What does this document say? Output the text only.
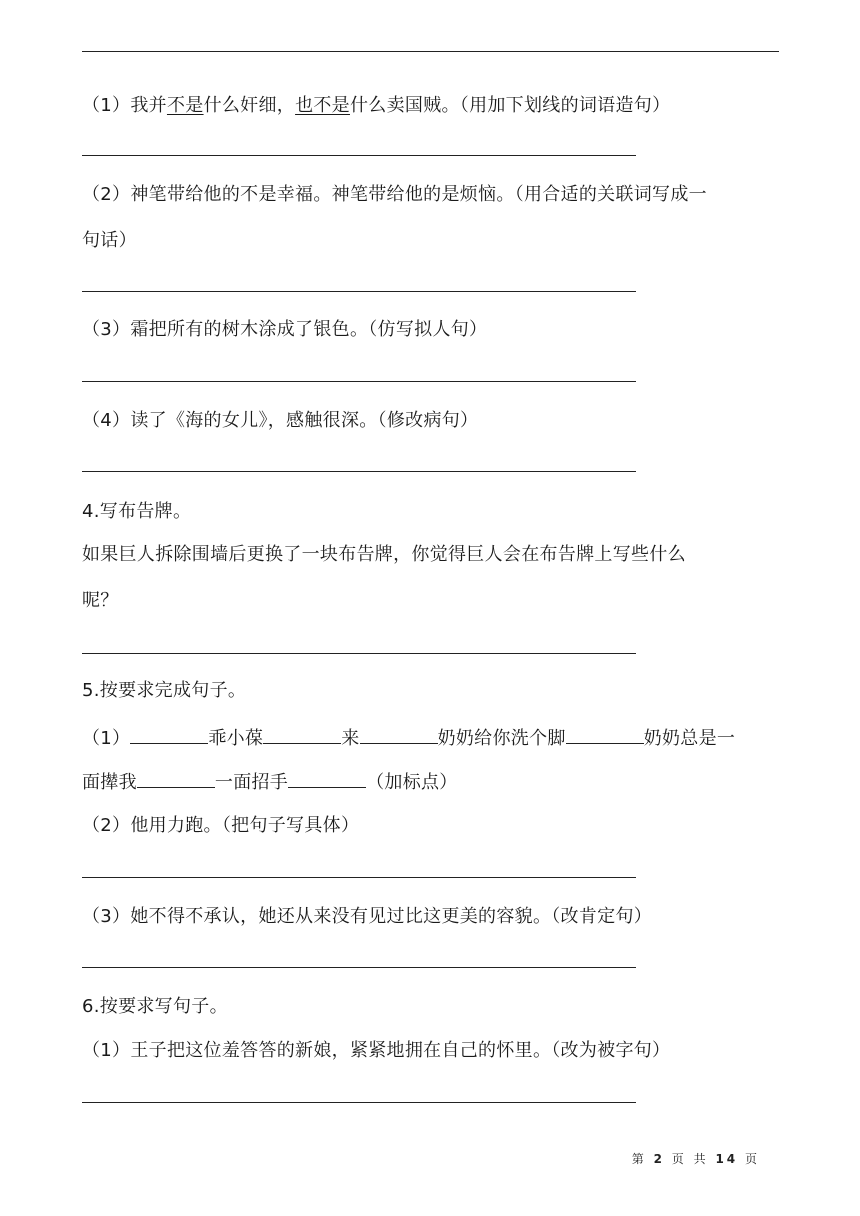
（1）我并不是什么奸细，也不是什么卖国贼。（用加下划线的词语造句）
（2）神笔带给他的不是幸福。神笔带给他的是烦恼。（用合适的关联词写成一
句话）
（3）霜把所有的树木涂成了银色。（仿写拟人句）
（4）读了《海的女儿》，感触很深。（修改病句）
4.写布告牌。
如果巨人拆除围墙后更换了一块布告牌，你觉得巨人会在布告牌上写些什么
呢？
5.按要求完成句子。
（1）	乖小葆	来	奶奶给你洗个脚	奶奶总是一
面撵我	一面招手	（加标点）
（2）他用力跑。（把句子写具体）
（3）她不得不承认，她还从来没有见过比这更美的容貌。（改肯定句）
6.按要求写句子。
（1）王子把这位羞答答的新娘，紧紧地拥在自己的怀里。（改为被字句）
第 2 页 共 14 页
